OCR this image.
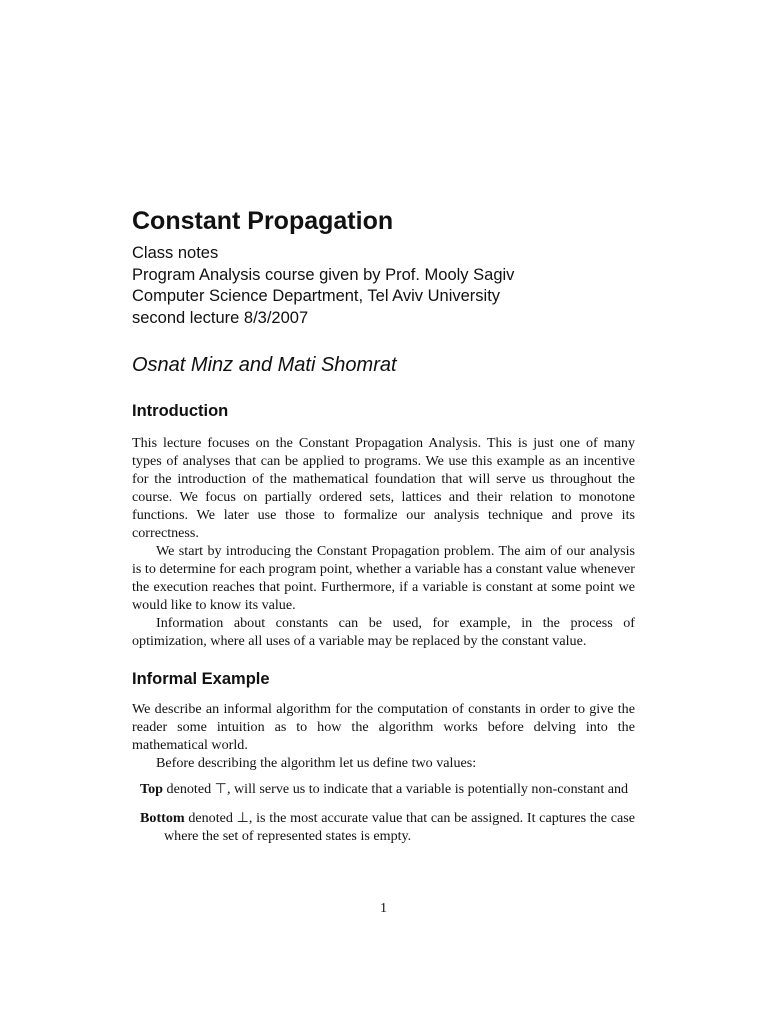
Constant Propagation
Class notes
Program Analysis course given by Prof. Mooly Sagiv
Computer Science Department, Tel Aviv University
second lecture 8/3/2007
Osnat Minz and Mati Shomrat
Introduction

This lecture focuses on the Constant Propagation Analysis. This is just one of many types of analyses that can be applied to programs. We use this example as an incentive for the introduction of the mathematical foundation that will serve us throughout the course. We focus on partially ordered sets, lattices and their relation to monotone functions. We later use those to formalize our analysis technique and prove its correctness.

We start by introducing the Constant Propagation problem. The aim of our analysis is to determine for each program point, whether a variable has a constant value whenever the execution reaches that point. Furthermore, if a variable is constant at some point we would like to know its value.

Information about constants can be used, for example, in the process of optimization, where all uses of a variable may be replaced by the constant value.

Informal Example

We describe an informal algorithm for the computation of constants in order to give the reader some intuition as to how the algorithm works before delving into the mathematical world.

Before describing the algorithm let us define two values:

Top denoted ⊤, will serve us to indicate that a variable is potentially non-constant and
Bottom denoted ⊥, is the most accurate value that can be assigned. It captures the case where the set of represented states is empty.
1
